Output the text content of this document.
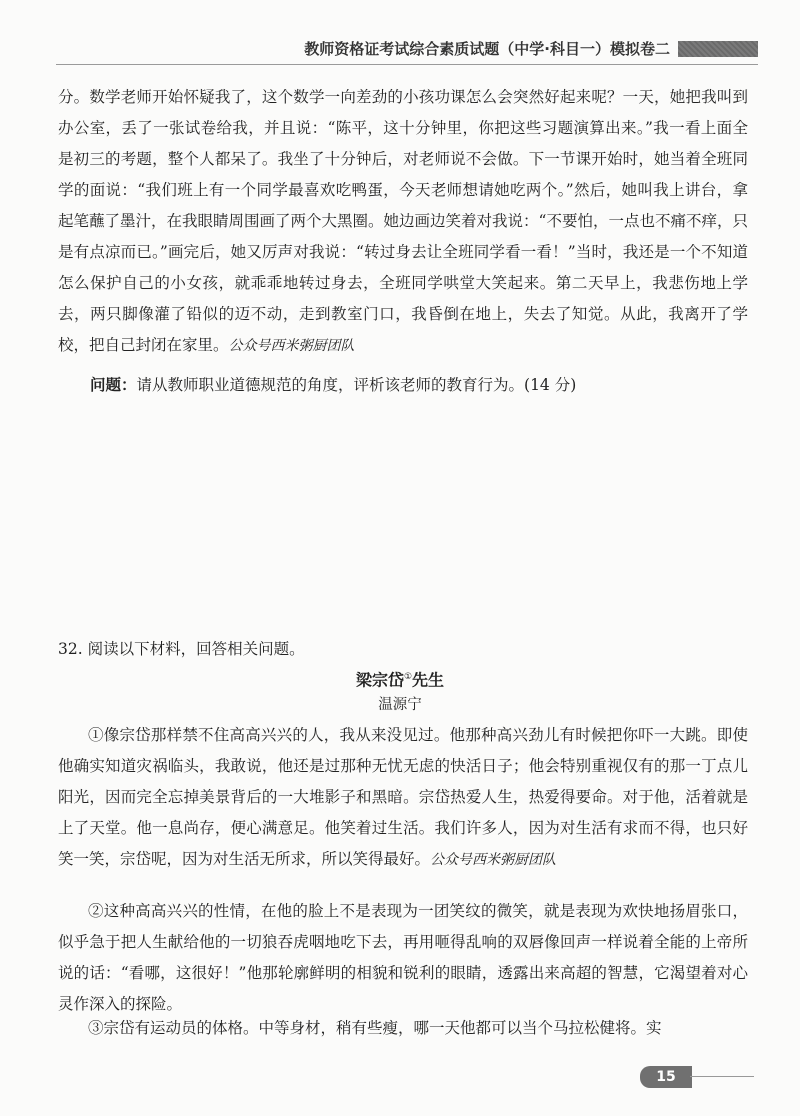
教师资格证考试综合素质试题（中学·科目一）模拟卷二

分。数学老师开始怀疑我了，这个数学一向差劲的小孩功课怎么会突然好起来呢？一天，她把我叫到办公室，丢了一张试卷给我，并且说：“陈平，这十分钟里，你把这些习题演算出来。”我一看上面全是初三的考题，整个人都呆了。我坐了十分钟后，对老师说不会做。下一节课开始时，她当着全班同学的面说：“我们班上有一个同学最喜欢吃鸭蛋，今天老师想请她吃两个。”然后，她叫我上讲台，拿起笔蘸了墨汁，在我眼睛周围画了两个大黑圈。她边画边笑着对我说：“不要怕，一点也不痛不痒，只是有点凉而已。”画完后，她又厉声对我说：“转过身去让全班同学看一看！”当时，我还是一个不知道怎么保护自己的小女孩，就乖乖地转过身去，全班同学哄堂大笑起来。第二天早上，我悲伤地上学去，两只脚像灌了铅似的迈不动，走到教室门口，我昏倒在地上，失去了知觉。从此，我离开了学校，把自己封闭在家里。公众号西米粥厨团队

问题：请从教师职业道德规范的角度，评析该老师的教育行为。(14 分)
32. 阅读以下材料，回答相关问题。
梁宗岱①先生
温源宁

①像宗岱那样禁不住高高兴兴的人，我从来没见过。他那种高兴劲儿有时候把你吓一大跳。即使他确实知道灾祸临头，我敢说，他还是过那种无忧无虑的快活日子；他会特别重视仅有的那一丁点儿阳光，因而完全忘掉美景背后的一大堆影子和黑暗。宗岱热爱人生，热爱得要命。对于他，活着就是上了天堂。他一息尚存，便心满意足。他笑着过生活。我们许多人，因为对生活有求而不得，也只好笑一笑，宗岱呢，因为对生活无所求，所以笑得最好。公众号西米粥厨团队

②这种高高兴兴的性情，在他的脸上不是表现为一团笑纹的微笑，就是表现为欢快地扬眉张口，似乎急于把人生献给他的一切狼吞虎咽地吃下去，再用咂得乱响的双唇像回声一样说着全能的上帝所说的话：“看哪，这很好！”他那轮廓鲜明的相貌和锐利的眼睛，透露出来高超的智慧，它渴望着对心灵作深入的探险。

③宗岱有运动员的体格。中等身材，稍有些瘦，哪一天他都可以当个马拉松健将。实

15
